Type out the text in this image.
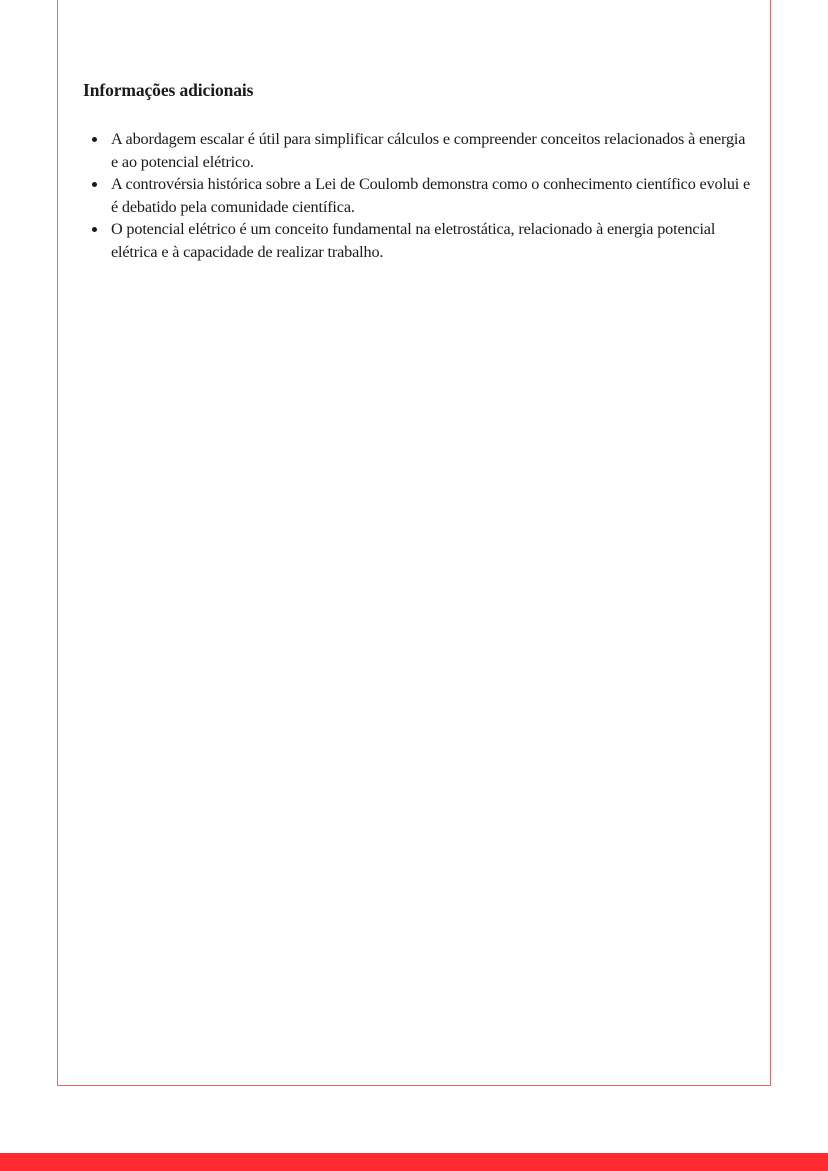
Informações adicionais
A abordagem escalar é útil para simplificar cálculos e compreender conceitos relacionados à energia e ao potencial elétrico.
A controvérsia histórica sobre a Lei de Coulomb demonstra como o conhecimento científico evolui e é debatido pela comunidade científica.
O potencial elétrico é um conceito fundamental na eletrostática, relacionado à energia potencial elétrica e à capacidade de realizar trabalho.
